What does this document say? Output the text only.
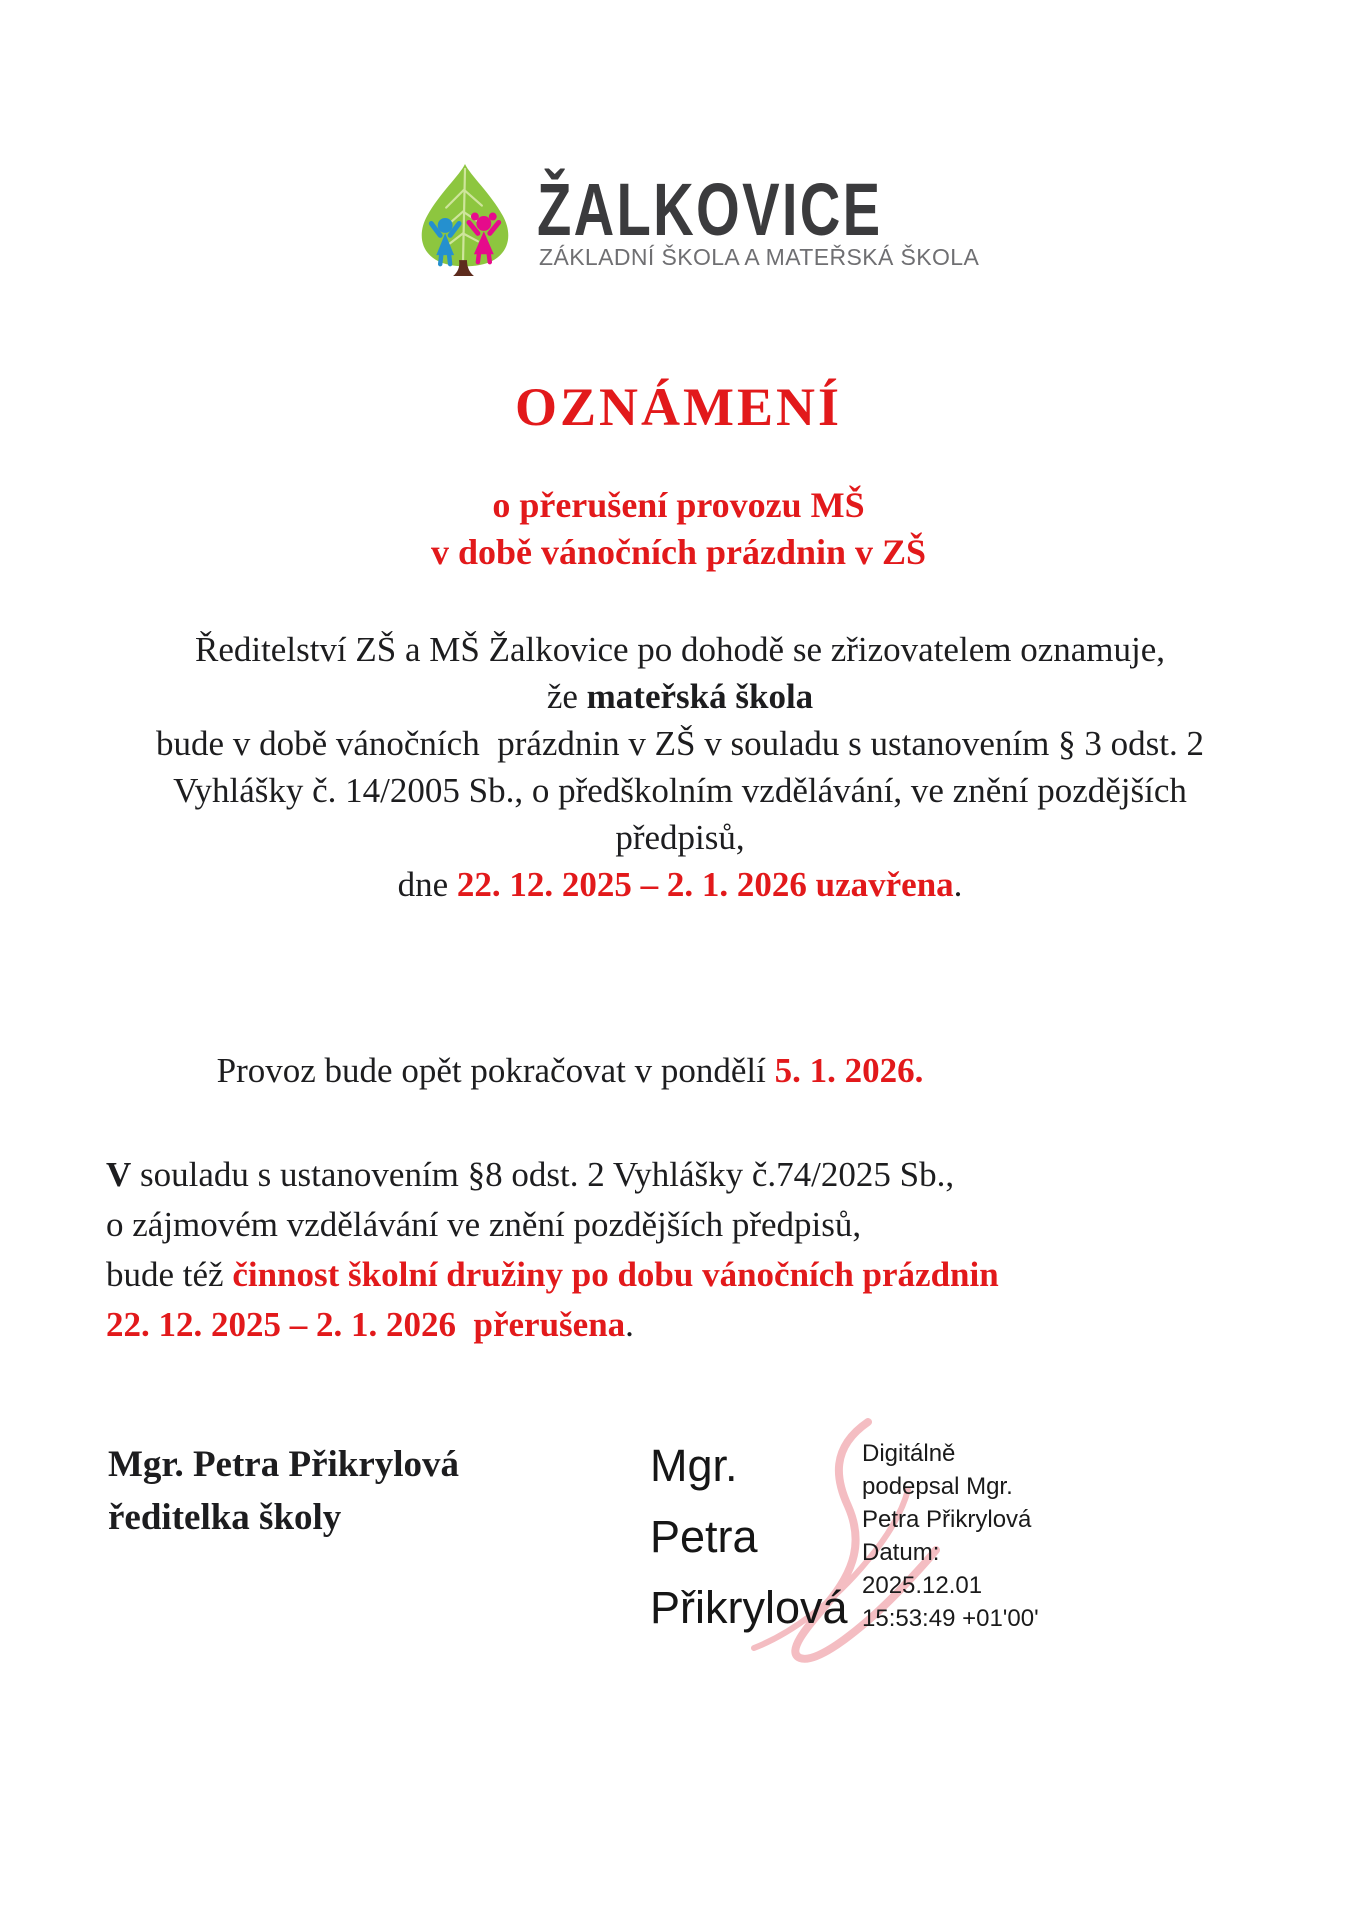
ŽALKOVICE
ZÁKLADNÍ ŠKOLA A MATEŘSKÁ ŠKOLA
OZNÁMENÍ
o přerušení provozu MŠ
v době vánočních prázdnin v ZŠ
Ředitelství ZŠ a MŠ Žalkovice po dohodě se zřizovatelem oznamuje,
že mateřská škola
bude v době vánočních  prázdnin v ZŠ v souladu s ustanovením § 3 odst. 2
Vyhlášky č. 14/2005 Sb., o předškolním vzdělávání, ve znění pozdějších
předpisů,
dne 22. 12. 2025 – 2. 1. 2026 uzavřena.

Provoz bude opět pokračovat v pondělí 5. 1. 2026.

V souladu s ustanovením §8 odst. 2 Vyhlášky č.74/2025 Sb.,
o zájmovém vzdělávání ve znění pozdějších předpisů,
bude též činnost školní družiny po dobu vánočních prázdnin
22. 12. 2025 – 2. 1. 2026  přerušena.
Mgr. Petra Přikrylová
ředitelka školy
Mgr.
Petra
Přikrylová
Digitálně
podepsal Mgr.
Petra Přikrylová
Datum:
2025.12.01
15:53:49 +01'00'
